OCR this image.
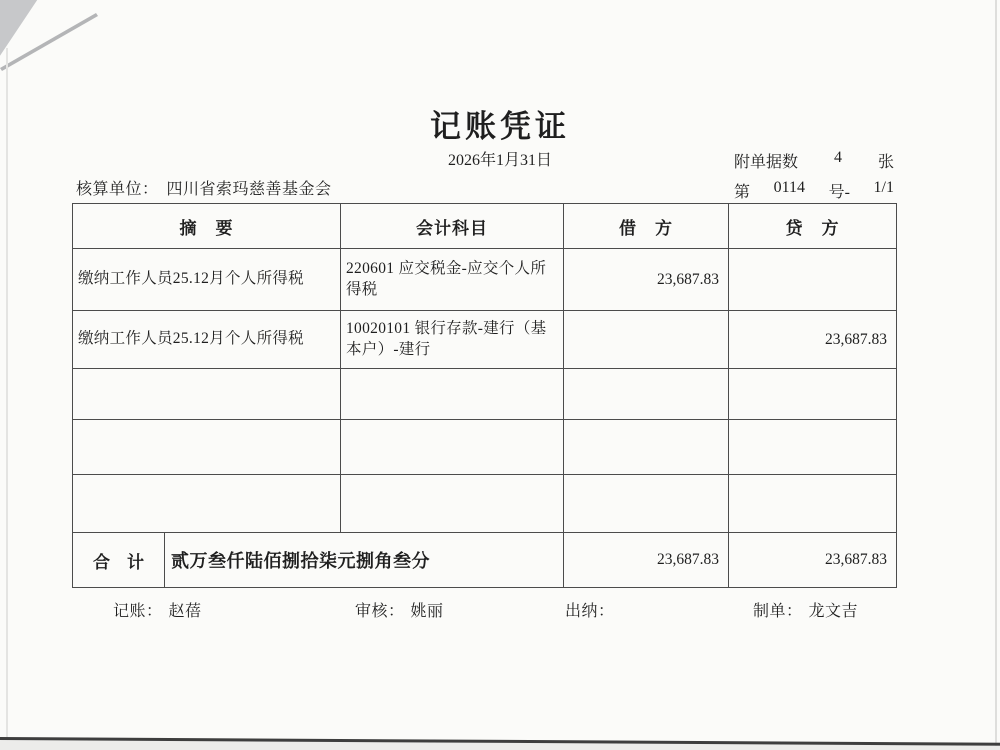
记账凭证
2026年1月31日	附单据数 4 张
第 0114 号- 1/1
核算单位： 四川省索玛慈善基金会
摘　要		会计科目	借　方	贷　方
缴纳工作人员25.12月个人所得税		220601 应交税金-应交个人所得税	23,687.83	
缴纳工作人员25.12月个人所得税		10020101 银行存款-建行（基本户）-建行		23,687.83

合　计	贰万叁仟陆佰捌拾柒元捌角叁分		23,687.83	23,687.83
记账： 赵蓓	审核： 姚丽	出纳：	制单： 龙文吉
